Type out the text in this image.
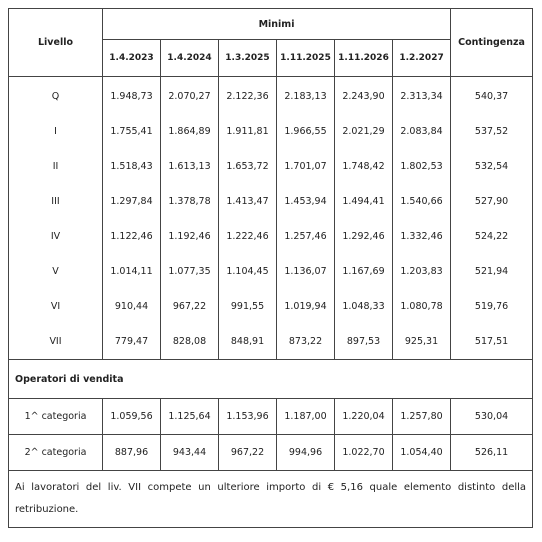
Livello	Minimi						Contingenza
	1.4.2023	1.4.2024	1.3.2025	1.11.2025	1.11.2026	1.2.2027	
Q	1.948,73	2.070,27	2.122,36	2.183,13	2.243,90	2.313,34	540,37
I	1.755,41	1.864,89	1.911,81	1.966,55	2.021,29	2.083,84	537,52
II	1.518,43	1.613,13	1.653,72	1.701,07	1.748,42	1.802,53	532,54
III	1.297,84	1.378,78	1.413,47	1.453,94	1.494,41	1.540,66	527,90
IV	1.122,46	1.192,46	1.222,46	1.257,46	1.292,46	1.332,46	524,22
V	1.014,11	1.077,35	1.104,45	1.136,07	1.167,69	1.203,83	521,94
VI	910,44	967,22	991,55	1.019,94	1.048,33	1.080,78	519,76
VII	779,47	828,08	848,91	873,22	897,53	925,31	517,51
Operatori di vendita							
1^ categoria	1.059,56	1.125,64	1.153,96	1.187,00	1.220,04	1.257,80	530,04
2^ categoria	887,96	943,44	967,22	994,96	1.022,70	1.054,40	526,11
Ai lavoratori del liv. VII compete un ulteriore importo di € 5,16 quale elemento distinto della retribuzione.							
